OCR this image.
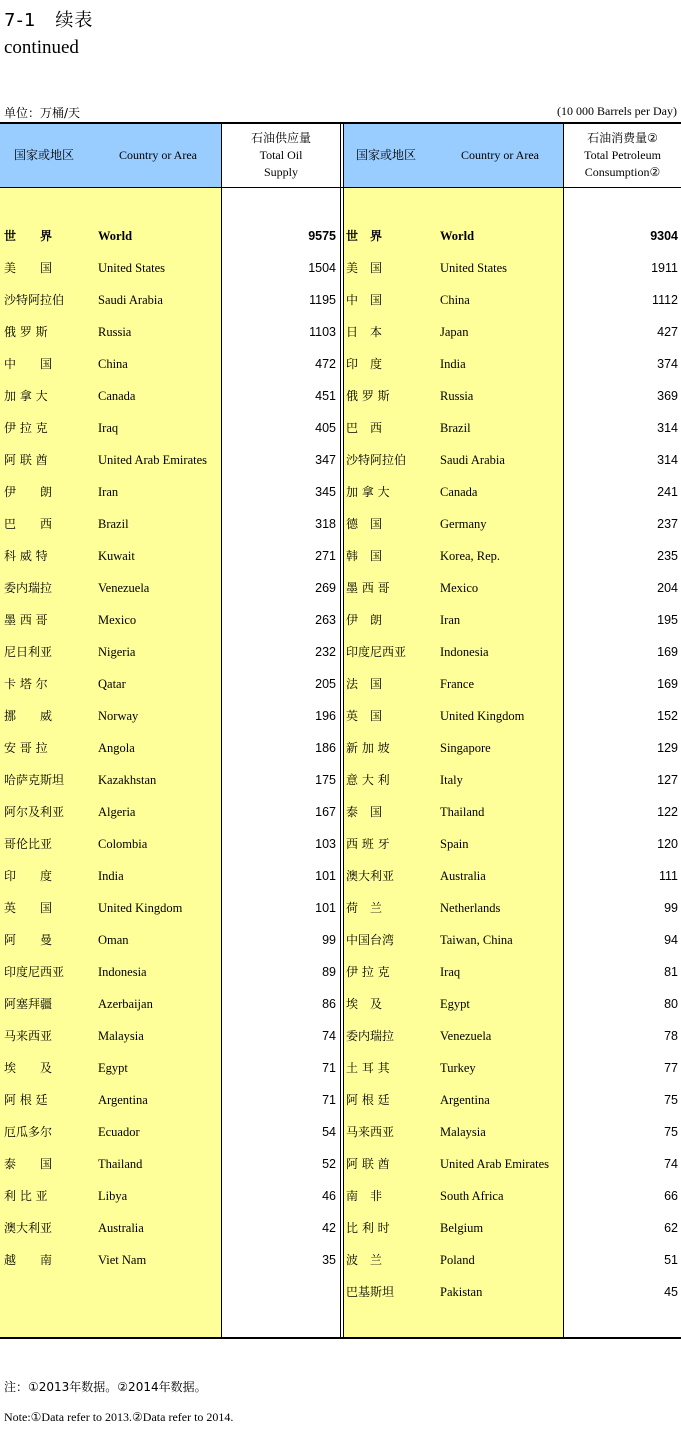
7-1　续表
continued
单位：万桶/天	(10 000 Barrels per Day)
国家或地区	Country or Area
石油供应量
Total Oil
Supply
国家或地区	Country or Area
石油消费量②
Total Petroleum
Consumption②
世　　界	World	9575
美　　国	United States	1504
沙特阿拉伯	Saudi Arabia	1195
俄 罗 斯	Russia	1103
中　　国	China	472
加 拿 大	Canada	451
伊 拉 克	Iraq	405
阿 联 酋	United Arab Emirates	347
伊　　朗	Iran	345
巴　　西	Brazil	318
科 威 特	Kuwait	271
委内瑞拉	Venezuela	269
墨 西 哥	Mexico	263
尼日利亚	Nigeria	232
卡 塔 尔	Qatar	205
挪　　威	Norway	196
安 哥 拉	Angola	186
哈萨克斯坦	Kazakhstan	175
阿尔及利亚	Algeria	167
哥伦比亚	Colombia	103
印　　度	India	101
英　　国	United Kingdom	101
阿　　曼	Oman	99
印度尼西亚	Indonesia	89
阿塞拜疆	Azerbaijan	86
马来西亚	Malaysia	74
埃　　及	Egypt	71
阿 根 廷	Argentina	71
厄瓜多尔	Ecuador	54
泰　　国	Thailand	52
利 比 亚	Libya	46
澳大利亚	Australia	42
越　　南	Viet Nam	35
世　界	World	9304
美　国	United States	1911
中　国	China	1112
日　本	Japan	427
印　度	India	374
俄 罗 斯	Russia	369
巴　西	Brazil	314
沙特阿拉伯	Saudi Arabia	314
加 拿 大	Canada	241
德　国	Germany	237
韩　国	Korea, Rep.	235
墨 西 哥	Mexico	204
伊　朗	Iran	195
印度尼西亚	Indonesia	169
法　国	France	169
英　国	United Kingdom	152
新 加 坡	Singapore	129
意 大 利	Italy	127
泰　国	Thailand	122
西 班 牙	Spain	120
澳大利亚	Australia	111
荷　兰	Netherlands	99
中国台湾	Taiwan, China	94
伊 拉 克	Iraq	81
埃　及	Egypt	80
委内瑞拉	Venezuela	78
土 耳 其	Turkey	77
阿 根 廷	Argentina	75
马来西亚	Malaysia	75
阿 联 酋	United Arab Emirates	74
南　非	South Africa	66
比 利 时	Belgium	62
波　兰	Poland	51
巴基斯坦	Pakistan	45
注：①2013年数据。②2014年数据。
Note:①Data refer to 2013.②Data refer to 2014.
